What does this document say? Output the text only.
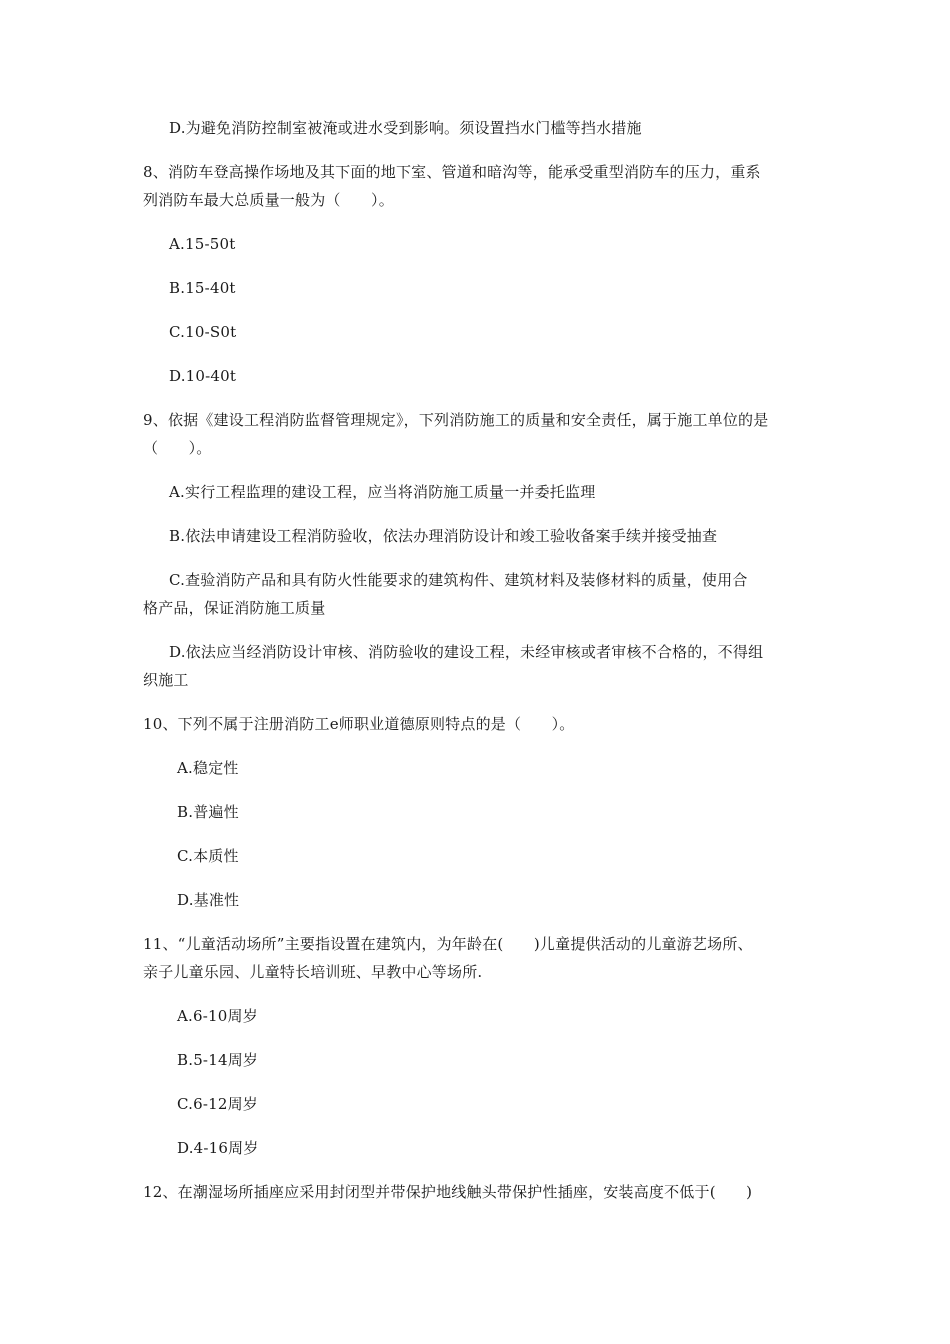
D.为避免消防控制室被淹或进水受到影响。须设置挡水门槛等挡水措施
8、消防车登高操作场地及其下面的地下室、管道和暗沟等，能承受重型消防车的压力，重系
列消防车最大总质量一般为（　　）。
A.15-50t
B.15-40t
C.10-S0t
D.10-40t
9、依据《建设工程消防监督管理规定》，下列消防施工的质量和安全责任，属于施工单位的是
（　　）。
A.实行工程监理的建设工程，应当将消防施工质量一并委托监理
B.依法申请建设工程消防验收，依法办理消防设计和竣工验收备案手续并接受抽查
C.查验消防产品和具有防火性能要求的建筑构件、建筑材料及装修材料的质量，使用合
格产品，保证消防施工质量
D.依法应当经消防设计审核、消防验收的建设工程，未经审核或者审核不合格的，不得组
织施工
10、下列不属于注册消防工e师职业道德原则特点的是（　　）。
A.稳定性
B.普遍性
C.本质性
D.基准性
11、“儿童活动场所”主要指设置在建筑内，为年龄在(　　)儿童提供活动的儿童游艺场所、
亲子儿童乐园、儿童特长培训班、早教中心等场所.
A.6-10周岁
B.5-14周岁
C.6-12周岁
D.4-16周岁
12、在潮湿场所插座应采用封闭型并带保护地线触头带保护性插座，安装高度不低于(　　)
